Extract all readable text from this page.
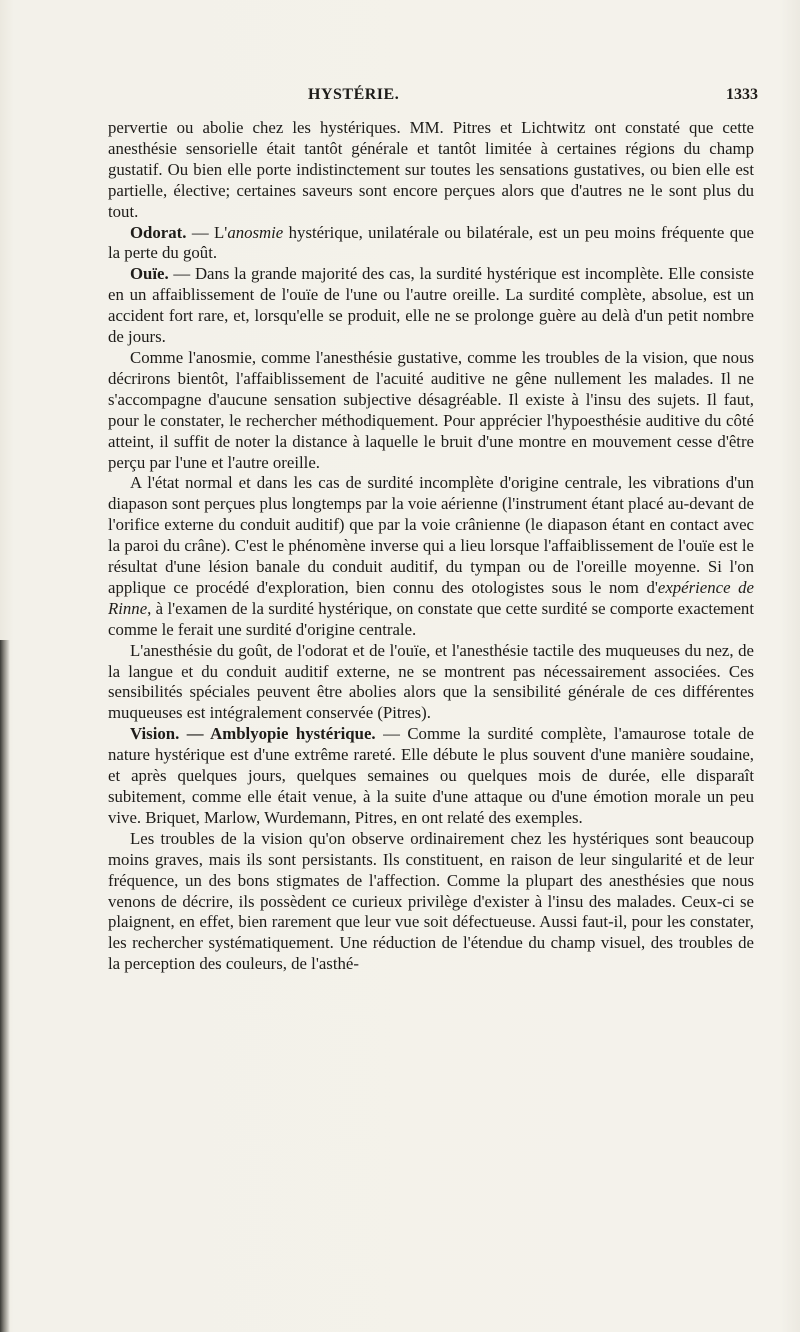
HYSTÉRIE.	1333

pervertie ou abolie chez les hystériques. MM. Pitres et Lichtwitz ont constaté que cette anesthésie sensorielle était tantôt générale et tantôt limitée à certaines régions du champ gustatif. Ou bien elle porte indistinctement sur toutes les sensations gustatives, ou bien elle est partielle, élective; certaines saveurs sont encore perçues alors que d'autres ne le sont plus du tout.

Odorat. — L'anosmie hystérique, unilatérale ou bilatérale, est un peu moins fréquente que la perte du goût.

Ouïe. — Dans la grande majorité des cas, la surdité hystérique est incomplète. Elle consiste en un affaiblissement de l'ouïe de l'une ou l'autre oreille. La surdité complète, absolue, est un accident fort rare, et, lorsqu'elle se produit, elle ne se prolonge guère au delà d'un petit nombre de jours.

Comme l'anosmie, comme l'anesthésie gustative, comme les troubles de la vision, que nous décrirons bientôt, l'affaiblissement de l'acuité auditive ne gêne nullement les malades. Il ne s'accompagne d'aucune sensation subjective désagréable. Il existe à l'insu des sujets. Il faut, pour le constater, le rechercher méthodiquement. Pour apprécier l'hypoesthésie auditive du côté atteint, il suffit de noter la distance à laquelle le bruit d'une montre en mouvement cesse d'être perçu par l'une et l'autre oreille.

A l'état normal et dans les cas de surdité incomplète d'origine centrale, les vibrations d'un diapason sont perçues plus longtemps par la voie aérienne (l'instrument étant placé au-devant de l'orifice externe du conduit auditif) que par la voie crânienne (le diapason étant en contact avec la paroi du crâne). C'est le phénomène inverse qui a lieu lorsque l'affaiblissement de l'ouïe est le résultat d'une lésion banale du conduit auditif, du tympan ou de l'oreille moyenne. Si l'on applique ce procédé d'exploration, bien connu des otologistes sous le nom d'expérience de Rinne, à l'examen de la surdité hystérique, on constate que cette surdité se comporte exactement comme le ferait une surdité d'origine centrale.

L'anesthésie du goût, de l'odorat et de l'ouïe, et l'anesthésie tactile des muqueuses du nez, de la langue et du conduit auditif externe, ne se montrent pas nécessairement associées. Ces sensibilités spéciales peuvent être abolies alors que la sensibilité générale de ces différentes muqueuses est intégralement conservée (Pitres).

Vision. — Amblyopie hystérique. — Comme la surdité complète, l'amaurose totale de nature hystérique est d'une extrême rareté. Elle débute le plus souvent d'une manière soudaine, et après quelques jours, quelques semaines ou quelques mois de durée, elle disparaît subitement, comme elle était venue, à la suite d'une attaque ou d'une émotion morale un peu vive. Briquet, Marlow, Wurdemann, Pitres, en ont relaté des exemples.

Les troubles de la vision qu'on observe ordinairement chez les hystériques sont beaucoup moins graves, mais ils sont persistants. Ils constituent, en raison de leur singularité et de leur fréquence, un des bons stigmates de l'affection. Comme la plupart des anesthésies que nous venons de décrire, ils possèdent ce curieux privilège d'exister à l'insu des malades. Ceux-ci se plaignent, en effet, bien rarement que leur vue soit défectueuse. Aussi faut-il, pour les constater, les rechercher systématiquement. Une réduction de l'étendue du champ visuel, des troubles de la perception des couleurs, de l'asthé-
